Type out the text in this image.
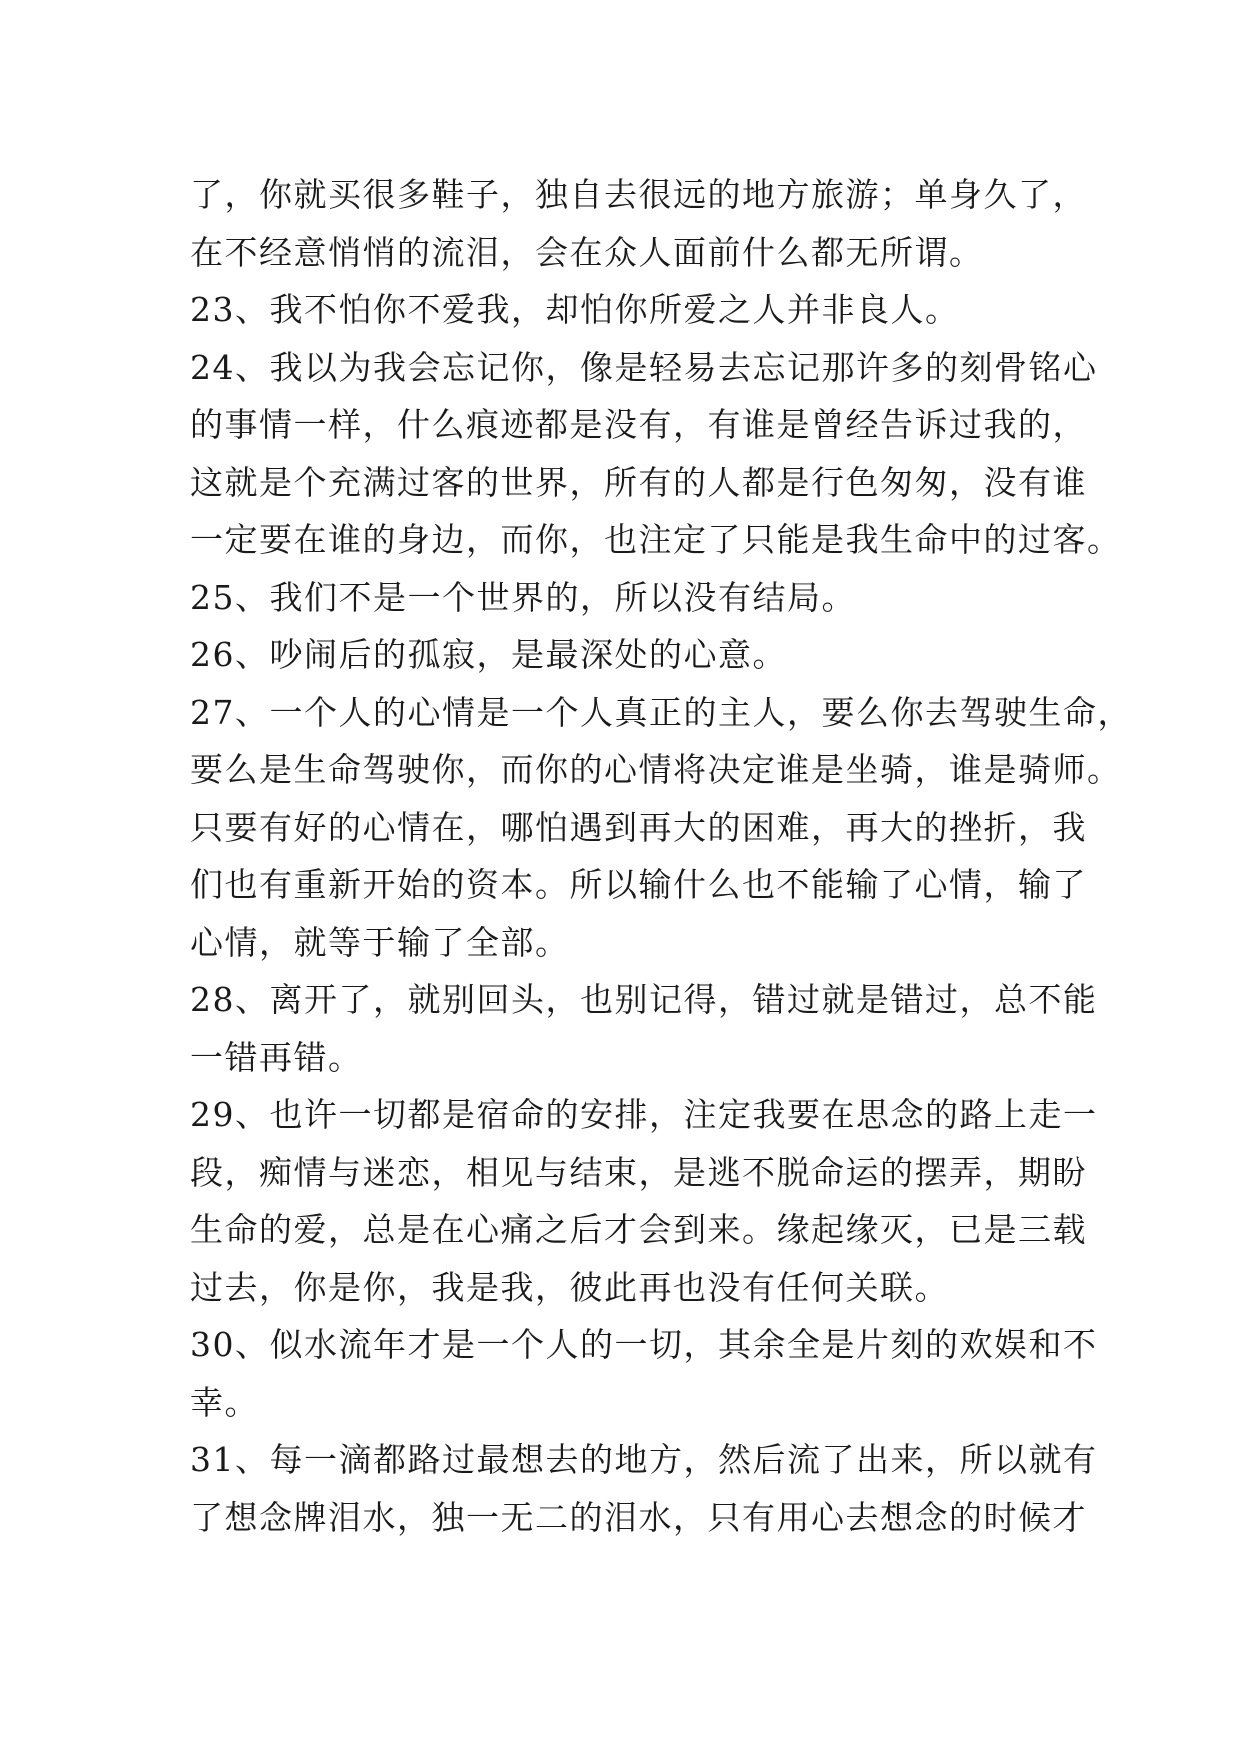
了，你就买很多鞋子，独自去很远的地方旅游；单身久了，
在不经意悄悄的流泪，会在众人面前什么都无所谓。
23、我不怕你不爱我，却怕你所爱之人并非良人。
24、我以为我会忘记你，像是轻易去忘记那许多的刻骨铭心
的事情一样，什么痕迹都是没有，有谁是曾经告诉过我的，
这就是个充满过客的世界，所有的人都是行色匆匆，没有谁
一定要在谁的身边，而你，也注定了只能是我生命中的过客。
25、我们不是一个世界的，所以没有结局。
26、吵闹后的孤寂，是最深处的心意。
27、一个人的心情是一个人真正的主人，要么你去驾驶生命，
要么是生命驾驶你，而你的心情将决定谁是坐骑，谁是骑师。
只要有好的心情在，哪怕遇到再大的困难，再大的挫折，我
们也有重新开始的资本。所以输什么也不能输了心情，输了
心情，就等于输了全部。
28、离开了，就别回头，也别记得，错过就是错过，总不能
一错再错。
29、也许一切都是宿命的安排，注定我要在思念的路上走一
段，痴情与迷恋，相见与结束，是逃不脱命运的摆弄，期盼
生命的爱，总是在心痛之后才会到来。缘起缘灭，已是三载
过去，你是你，我是我，彼此再也没有任何关联。
30、似水流年才是一个人的一切，其余全是片刻的欢娱和不
幸。
31、每一滴都路过最想去的地方，然后流了出来，所以就有
了想念牌泪水，独一无二的泪水，只有用心去想念的时候才
